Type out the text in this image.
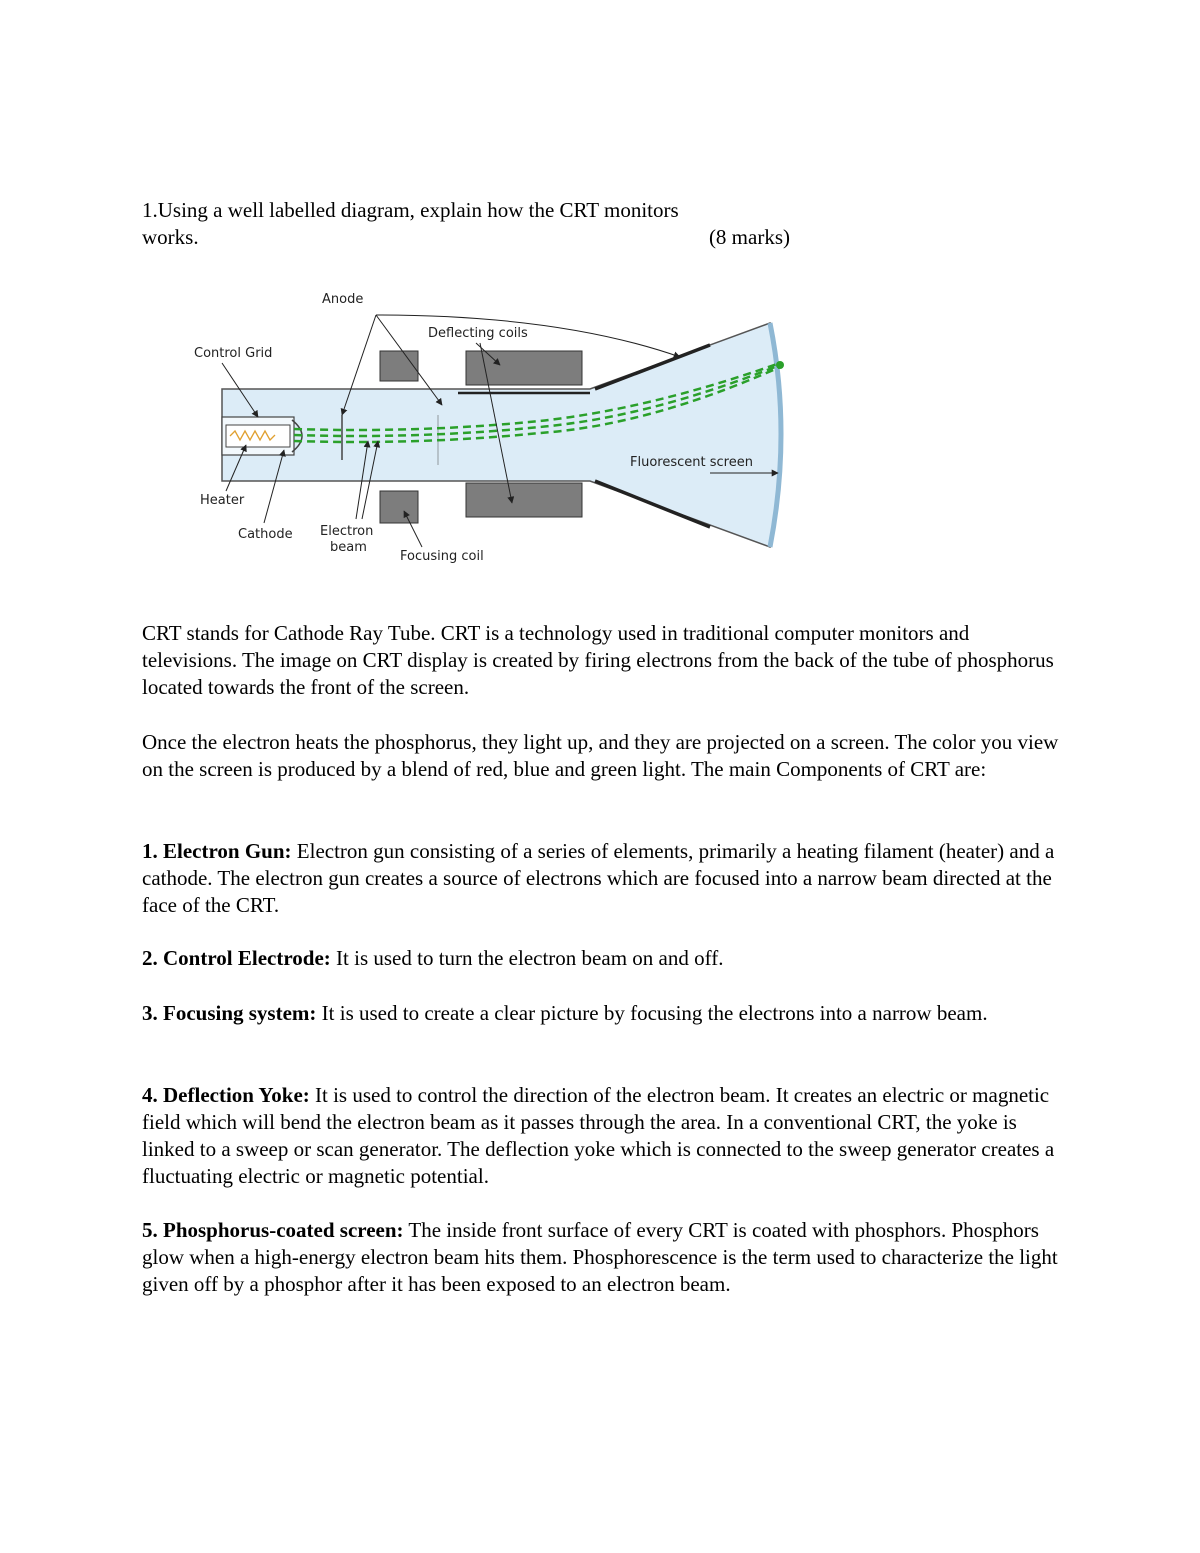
1.Using a well labelled diagram, explain how the CRT monitors
works.	(8 marks)
Anode
Deflecting coils
Control Grid
Fluorescent screen
Heater
Cathode Electron
beam
Focusing coil
CRT stands for Cathode Ray Tube. CRT is a technology used in traditional computer monitors and televisions. The image on CRT display is created by firing electrons from the back of the tube of phosphorus located towards the front of the screen.
Once the electron heats the phosphorus, they light up, and they are projected on a screen. The color you view on the screen is produced by a blend of red, blue and green light. The main Components of CRT are:
1. Electron Gun: Electron gun consisting of a series of elements, primarily a heating filament (heater) and a cathode. The electron gun creates a source of electrons which are focused into a narrow beam directed at the face of the CRT.
2. Control Electrode: It is used to turn the electron beam on and off.
3. Focusing system: It is used to create a clear picture by focusing the electrons into a narrow beam.
4. Deflection Yoke: It is used to control the direction of the electron beam. It creates an electric or magnetic field which will bend the electron beam as it passes through the area. In a conventional CRT, the yoke is linked to a sweep or scan generator. The deflection yoke which is connected to the sweep generator creates a fluctuating electric or magnetic potential.
5. Phosphorus-coated screen: The inside front surface of every CRT is coated with phosphors. Phosphors glow when a high-energy electron beam hits them. Phosphorescence is the term used to characterize the light given off by a phosphor after it has been exposed to an electron beam.
